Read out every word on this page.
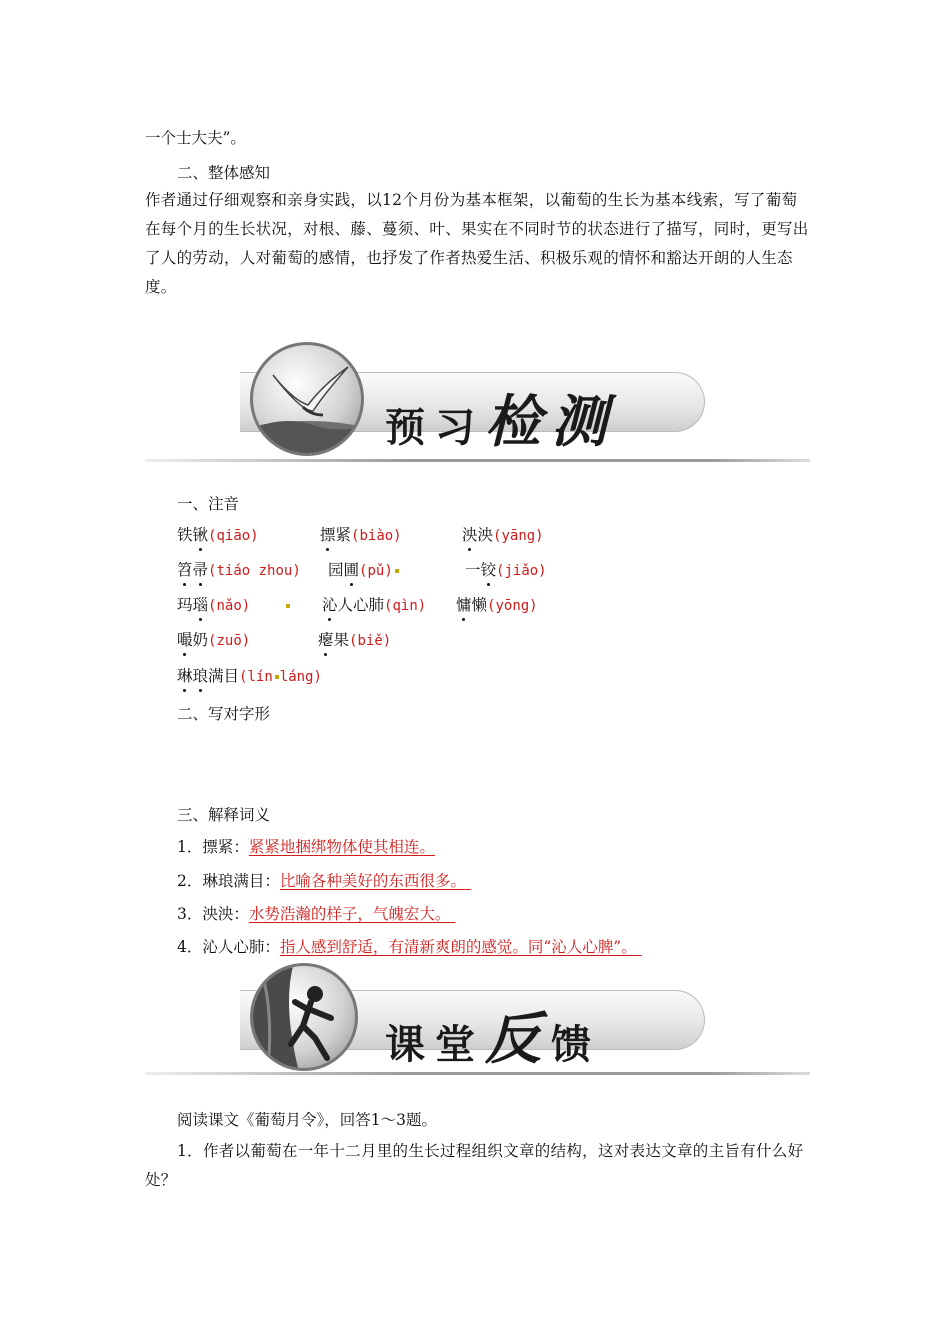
一个士大夫”。
二、整体感知
作者通过仔细观察和亲身实践，以12个月份为基本框架，以葡萄的生长为基本线索，写了葡萄在每个月的生长状况，对根、藤、蔓须、叶、果实在不同时节的状态进行了描写，同时，更写出了人的劳动，人对葡萄的感情，也抒发了作者热爱生活、积极乐观的情怀和豁达开朗的人生态度。
预习检测
一、注音
铁锹(qiāo)	摽紧(biào)	泱泱(yāng)
笤帚(tiáo zhou) 园圃(pǔ)	一铰(jiǎo)
玛瑙(nǎo)	沁人心肺(qìn) 慵懒(yōng)
嘬奶(zuō)	瘪果(biě)
琳琅满目(lín láng)
二、写对字形
三、解释词义
1．摽紧：紧紧地捆绑物体使其相连。
2．琳琅满目：比喻各种美好的东西很多。
3．泱泱：水势浩瀚的样子，气魄宏大。
4．沁人心肺：指人感到舒适，有清新爽朗的感觉。同“沁人心脾”。
课堂反馈
阅读课文《葡萄月令》，回答1～3题。
1．作者以葡萄在一年十二月里的生长过程组织文章的结构，这对表达文章的主旨有什么好处？
